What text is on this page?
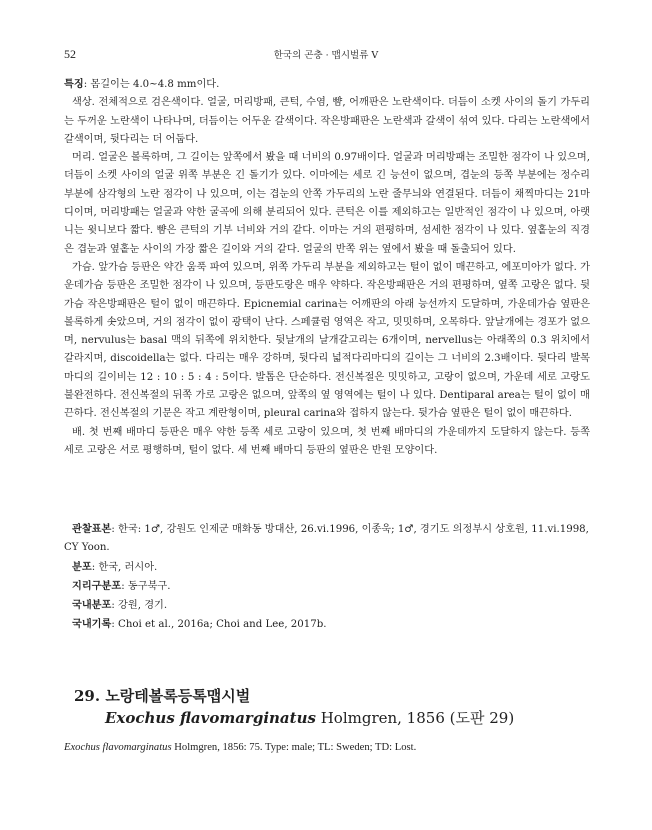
52	한국의 곤충 · 맵시벌류 V

특징: 몸길이는 4.0~4.8 mm이다.

색상. 전체적으로 검은색이다. 얼굴, 머리방패, 큰턱, 수염, 뺨, 어깨판은 노란색이다. 더듬이 소켓 사이의 돌기 가두리는 두꺼운 노란색이 나타나며, 더듬이는 어두운 갈색이다. 작은방패판은 노란색과 갈색이 섞여 있다. 다리는 노란색에서 갈색이며, 뒷다리는 더 어둡다.

머리. 얼굴은 볼록하며, 그 길이는 앞쪽에서 봤을 때 너비의 0.97배이다. 얼굴과 머리방패는 조밀한 점각이 나 있으며, 더듬이 소켓 사이의 얼굴 위쪽 부분은 긴 돌기가 있다. 이마에는 세로 긴 능선이 없으며, 겹눈의 등쪽 부분에는 정수리 부분에 삼각형의 노란 점각이 나 있으며, 이는 겹눈의 안쪽 가두리의 노란 줄무늬와 연결된다. 더듬이 채찍마디는 21마디이며, 머리방패는 얼굴과 약한 굴곡에 의해 분리되어 있다. 큰턱은 이를 제외하고는 일반적인 점각이 나 있으며, 아랫니는 윗니보다 짧다. 뺨은 큰턱의 기부 너비와 거의 같다. 이마는 거의 편평하며, 섬세한 점각이 나 있다. 옆홑눈의 직경은 겹눈과 옆홑눈 사이의 가장 짧은 길이와 거의 같다. 얼굴의 반쪽 위는 옆에서 봤을 때 돌출되어 있다.

가슴. 앞가슴 등판은 약간 움푹 파여 있으며, 위쪽 가두리 부분을 제외하고는 털이 없이 매끈하고, 에포미아가 없다. 가운데가슴 등판은 조밀한 점각이 나 있으며, 등판도랑은 매우 약하다. 작은방패판은 거의 편평하며, 옆쪽 고랑은 없다. 뒷가슴 작은방패판은 털이 없이 매끈하다. Epicnemial carina는 어깨판의 아래 능선까지 도달하며, 가운데가슴 옆판은 볼록하게 솟았으며, 거의 점각이 없이 광택이 난다. 스페큘럼 영역은 작고, 밋밋하며, 오목하다. 앞날개에는 경포가 없으며, nervulus는 basal 맥의 뒤쪽에 위치한다. 뒷날개의 날개갈고리는 6개이며, nervellus는 아래쪽의 0.3 위치에서 갈라지며, discoidella는 없다. 다리는 매우 강하며, 뒷다리 넓적다리마디의 길이는 그 너비의 2.3배이다. 뒷다리 발목마디의 길이비는 12 : 10 : 5 : 4 : 5이다. 발톱은 단순하다. 전신복절은 밋밋하고, 고랑이 없으며, 가운데 세로 고랑도 불완전하다. 전신복절의 뒤쪽 가로 고랑은 없으며, 앞쪽의 옆 영역에는 털이 나 있다. Dentiparal area는 털이 없이 매끈하다. 전신복절의 기문은 작고 계란형이며, pleural carina와 접하지 않는다. 뒷가슴 옆판은 털이 없이 매끈하다.

배. 첫 번째 배마디 등판은 매우 약한 등쪽 세로 고랑이 있으며, 첫 번째 배마디의 가운데까지 도달하지 않는다. 등쪽 세로 고랑은 서로 평행하며, 털이 없다. 세 번째 배마디 등판의 옆판은 반원 모양이다.

관찰표본: 한국: 1♂, 강원도 인제군 매화동 방대산, 26.vi.1996, 이종욱; 1♂, 경기도 의정부시 상호원, 11.vi.1998, CY Yoon.

분포: 한국, 러시아.

지리구분포: 동구북구.

국내분포: 강원, 경기.

국내기록: Choi et al., 2016a; Choi and Lee, 2017b.

29. 노랑테볼록등톡맵시벌
Exochus flavomarginatus Holmgren, 1856 (도판 29)
Exochus flavomarginatus Holmgren, 1856: 75. Type: male; TL: Sweden; TD: Lost.
